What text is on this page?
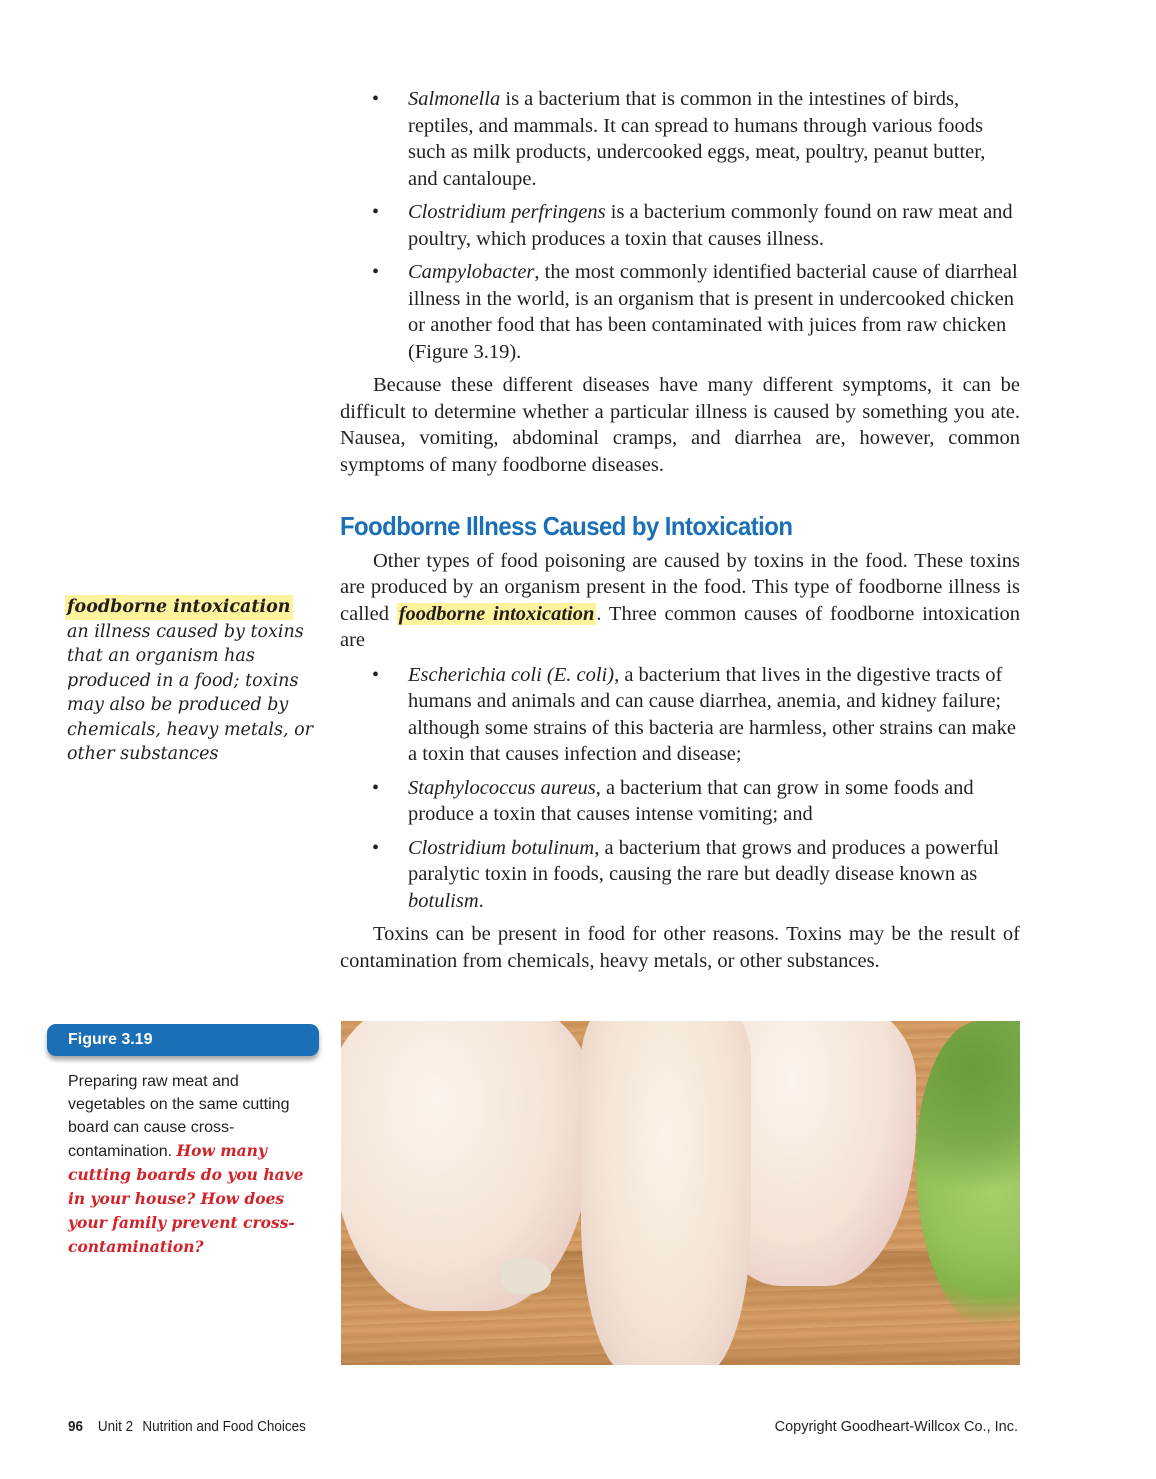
• Salmonella is a bacterium that is common in the intestines of birds, reptiles, and mammals. It can spread to humans through various foods such as milk products, undercooked eggs, meat, poultry, peanut butter, and cantaloupe.
• Clostridium perfringens is a bacterium commonly found on raw meat and poultry, which produces a toxin that causes illness.
• Campylobacter, the most commonly identified bacterial cause of diarrheal illness in the world, is an organism that is present in undercooked chicken or another food that has been contaminated with juices from raw chicken (Figure 3.19).

Because these different diseases have many different symptoms, it can be difficult to determine whether a particular illness is caused by something you ate. Nausea, vomiting, abdominal cramps, and diarrhea are, however, common symptoms of many foodborne diseases.

Foodborne Illness Caused by Intoxication

Other types of food poisoning are caused by toxins in the food. These toxins are produced by an organism present in the food. This type of foodborne illness is called foodborne intoxication. Three common causes of foodborne intoxication are

• Escherichia coli (E. coli), a bacterium that lives in the digestive tracts of humans and animals and can cause diarrhea, anemia, and kidney failure; although some strains of this bacteria are harmless, other strains can make a toxin that causes infection and disease;
• Staphylococcus aureus, a bacterium that can grow in some foods and produce a toxin that causes intense vomiting; and
• Clostridium botulinum, a bacterium that grows and produces a powerful paralytic toxin in foods, causing the rare but deadly disease known as botulism.

Toxins can be present in food for other reasons. Toxins may be the result of contamination from chemicals, heavy metals, or other substances.

foodborne intoxication
an illness caused by toxins that an organism has produced in a food; toxins may also be produced by chemicals, heavy metals, or other substances
Figure 3.19
Preparing raw meat and vegetables on the same cutting board can cause cross-contamination. How many cutting boards do you have in your house? How does your family prevent cross-contamination?
96 Unit 2 Nutrition and Food Choices	Copyright Goodheart-Willcox Co., Inc.
